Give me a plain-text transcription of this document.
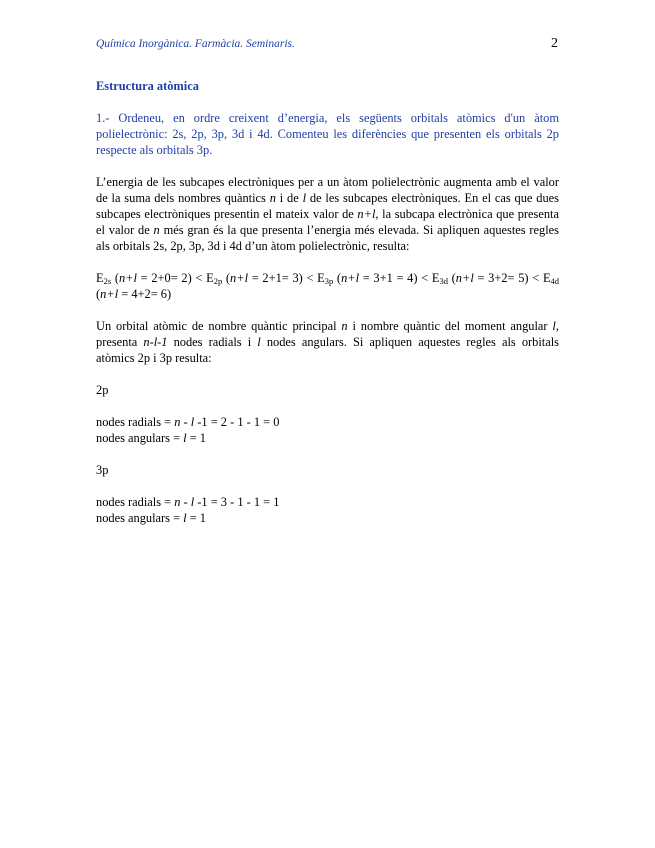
Química Inorgànica. Farmàcia. Seminaris.	2
Estructura atòmica
1.- Ordeneu, en ordre creixent d’energia, els següents orbitals atòmics d'un àtom polielectrònic: 2s, 2p, 3p, 3d i 4d. Comenteu les diferències que presenten els orbitals 2p respecte als orbitals 3p.
L’energia de les subcapes electròniques per a un àtom polielectrònic augmenta amb el valor de la suma dels nombres quàntics n i de l de les subcapes electròniques. En el cas que dues subcapes electròniques presentin el mateix valor de n+l, la subcapa electrònica que presenta el valor de n més gran és la que presenta l’energia més elevada. Si apliquen aquestes regles als orbitals 2s, 2p, 3p, 3d i 4d d’un àtom polielectrònic, resulta:
$E_{2s}$ $(n+l = 2+0= 2) < E_{2p}$ $(n+l = 2+1= 3) < E_{3p}$ $(n+l = 3+1 = 4) < E_{3d}$ $(n+l = 3+2= 5) < E_{4d}$ (n+l = 4+2= 6)
Un orbital atòmic de nombre quàntic principal n i nombre quàntic del moment angular l, presenta n-l-1 nodes radials i l nodes angulars. Si apliquen aquestes regles als orbitals atòmics 2p i 3p resulta:
2p
nodes radials = n - l -1 = 2 - 1 - 1 = 0
nodes angulars = l = 1
3p
nodes radials = n - l -1 = 3 - 1 - 1 = 1
nodes angulars = l = 1
